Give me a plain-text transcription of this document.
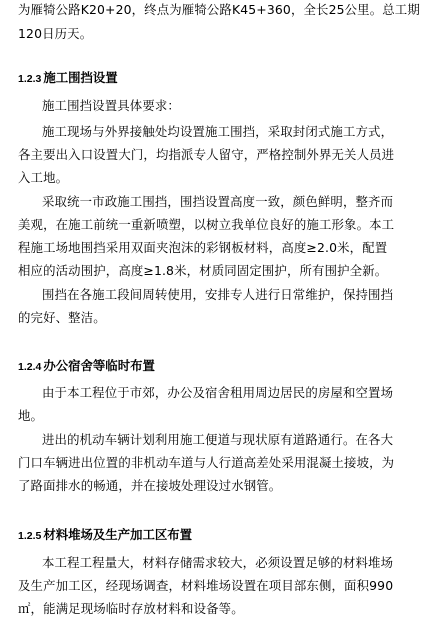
为雁犄公路K20+20，终点为雁犄公路K45+360，全长25公里。总工期
120日历天。
1.2.3 施工围挡设置
施工围挡设置具体要求：
施工现场与外界接触处均设置施工围挡，采取封闭式施工方式，
各主要出入口设置大门，均指派专人留守，严格控制外界无关人员进
入工地。
采取统一市政施工围挡，围挡设置高度一致，颜色鲜明，整齐而
美观，在施工前统一重新喷塑，以树立我单位良好的施工形象。本工
程施工场地围挡采用双面夹泡沫的彩钢板材料，高度≥2.0米，配置
相应的活动围护，高度≥1.8米，材质同固定围护，所有围护全新。
围挡在各施工段间周转使用，安排专人进行日常维护，保持围挡
的完好、整洁。
1.2.4 办公宿舍等临时布置
由于本工程位于市郊，办公及宿舍租用周边居民的房屋和空置场
地。
进出的机动车辆计划利用施工便道与现状原有道路通行。在各大
门口车辆进出位置的非机动车道与人行道高差处采用混凝土接坡，为
了路面排水的畅通，并在接坡处理设过水钢管。
1.2.5 材料堆场及生产加工区布置
本工程工程量大，材料存储需求较大，必须设置足够的材料堆场
及生产加工区，经现场调查，材料堆场设置在项目部东侧，面积990
㎡，能满足现场临时存放材料和设备等。
